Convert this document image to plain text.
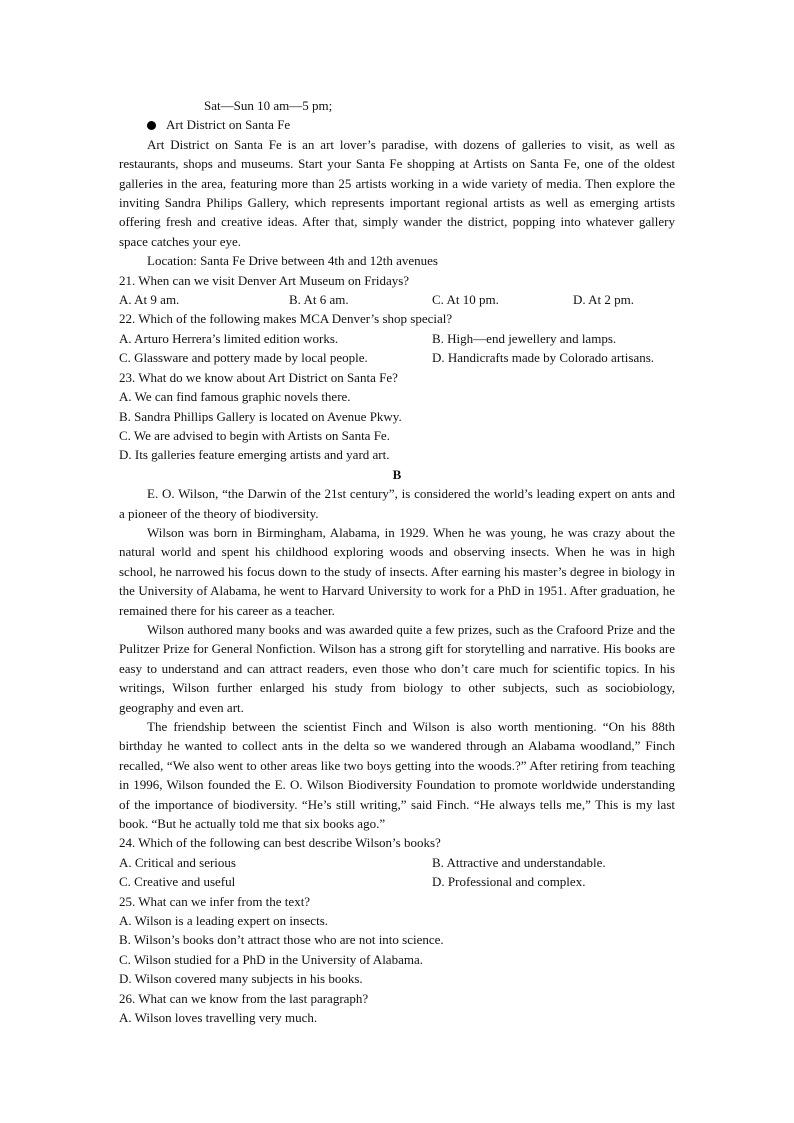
Sat—Sun 10 am—5 pm;

Art District on Santa Fe

Art District on Santa Fe is an art lover’s paradise, with dozens of galleries to visit, as well as restaurants, shops and museums. Start your Santa Fe shopping at Artists on Santa Fe, one of the oldest galleries in the area, featuring more than 25 artists working in a wide variety of media. Then explore the inviting Sandra Philips Gallery, which represents important regional artists as well as emerging artists offering fresh and creative ideas. After that, simply wander the district, popping into whatever gallery space catches your eye.

Location: Santa Fe Drive between 4th and 12th avenues

21. When can we visit Denver Art Museum on Fridays?

A. At 9 am.	B. At 6 am.	C. At 10 pm.	D. At 2 pm.

22. Which of the following makes MCA Denver’s shop special?

A. Arturo Herrera’s limited edition works.	B. High—end jewellery and lamps.

C. Glassware and pottery made by local people.	D. Handicrafts made by Colorado artisans.

23. What do we know about Art District on Santa Fe?

A. We can find famous graphic novels there.

B. Sandra Phillips Gallery is located on Avenue Pkwy.

C. We are advised to begin with Artists on Santa Fe.

D. Its galleries feature emerging artists and yard art.

B

E. O. Wilson, “the Darwin of the 21st century”, is considered the world’s leading expert on ants and a pioneer of the theory of biodiversity.

Wilson was born in Birmingham, Alabama, in 1929. When he was young, he was crazy about the natural world and spent his childhood exploring woods and observing insects. When he was in high school, he narrowed his focus down to the study of insects. After earning his master’s degree in biology in the University of Alabama, he went to Harvard University to work for a PhD in 1951. After graduation, he remained there for his career as a teacher.

Wilson authored many books and was awarded quite a few prizes, such as the Crafoord Prize and the Pulitzer Prize for General Nonfiction. Wilson has a strong gift for storytelling and narrative. His books are easy to understand and can attract readers, even those who don’t care much for scientific topics. In his writings, Wilson further enlarged his study from biology to other subjects, such as sociobiology, geography and even art.

The friendship between the scientist Finch and Wilson is also worth mentioning. “On his 88th birthday he wanted to collect ants in the delta so we wandered through an Alabama woodland,” Finch recalled, “We also went to other areas like two boys getting into the woods.?” After retiring from teaching in 1996, Wilson founded the E. O. Wilson Biodiversity Foundation to promote worldwide understanding of the importance of biodiversity. “He’s still writing,” said Finch. “He always tells me,” This is my last book. “But he actually told me that six books ago.”

24. Which of the following can best describe Wilson’s books?

A. Critical and serious	B. Attractive and understandable.

C. Creative and useful	D. Professional and complex.

25. What can we infer from the text?

A. Wilson is a leading expert on insects.

B. Wilson’s books don’t attract those who are not into science.

C. Wilson studied for a PhD in the University of Alabama.

D. Wilson covered many subjects in his books.

26. What can we know from the last paragraph?

A. Wilson loves travelling very much.
